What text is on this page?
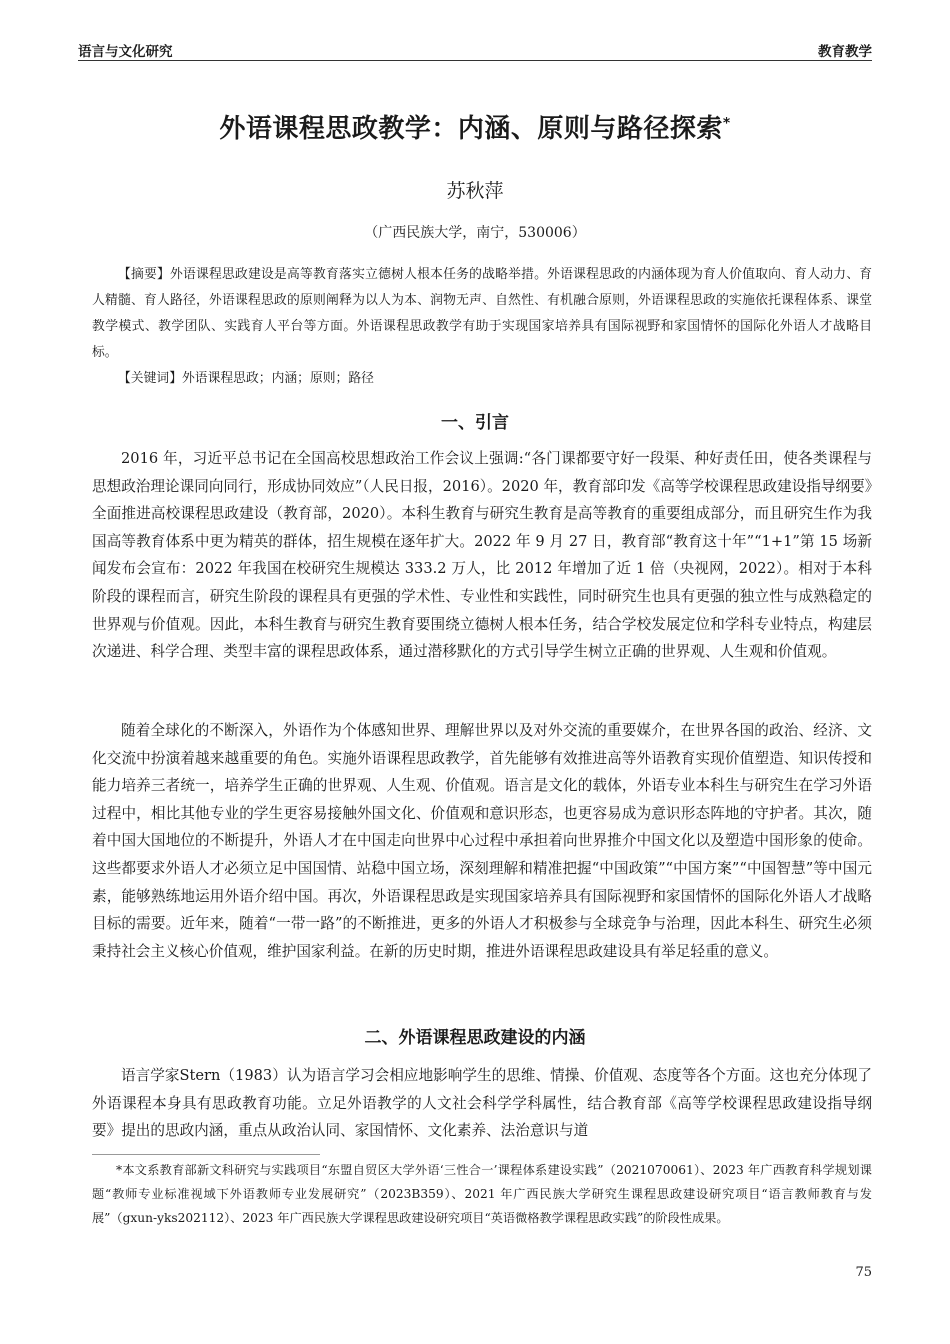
语言与文化研究	教育教学
外语课程思政教学：内涵、原则与路径探索*
苏秋萍
（广西民族大学，南宁，530006）
【摘要】外语课程思政建设是高等教育落实立德树人根本任务的战略举措。外语课程思政的内涵体现为育人价值取向、育人动力、育人精髓、育人路径，外语课程思政的原则阐释为以人为本、润物无声、自然性、有机融合原则，外语课程思政的实施依托课程体系、课堂教学模式、教学团队、实践育人平台等方面。外语课程思政教学有助于实现国家培养具有国际视野和家国情怀的国际化外语人才战略目标。
【关键词】外语课程思政；内涵；原则；路径
一、引言
2016 年，习近平总书记在全国高校思想政治工作会议上强调:“各门课都要守好一段渠、种好责任田，使各类课程与思想政治理论课同向同行，形成协同效应”（人民日报，2016）。2020 年，教育部印发《高等学校课程思政建设指导纲要》全面推进高校课程思政建设（教育部，2020）。本科生教育与研究生教育是高等教育的重要组成部分，而且研究生作为我国高等教育体系中更为精英的群体，招生规模在逐年扩大。2022 年 9 月 27 日，教育部“教育这十年”“1+1”第 15 场新闻发布会宣布：2022 年我国在校研究生规模达 333.2 万人，比 2012 年增加了近 1 倍（央视网，2022）。相对于本科阶段的课程而言，研究生阶段的课程具有更强的学术性、专业性和实践性，同时研究生也具有更强的独立性与成熟稳定的世界观与价值观。因此，本科生教育与研究生教育要围绕立德树人根本任务，结合学校发展定位和学科专业特点，构建层次递进、科学合理、类型丰富的课程思政体系，通过潜移默化的方式引导学生树立正确的世界观、人生观和价值观。
随着全球化的不断深入，外语作为个体感知世界、理解世界以及对外交流的重要媒介，在世界各国的政治、经济、文化交流中扮演着越来越重要的角色。实施外语课程思政教学，首先能够有效推进高等外语教育实现价值塑造、知识传授和能力培养三者统一，培养学生正确的世界观、人生观、价值观。语言是文化的载体，外语专业本科生与研究生在学习外语过程中，相比其他专业的学生更容易接触外国文化、价值观和意识形态，也更容易成为意识形态阵地的守护者。其次，随着中国大国地位的不断提升，外语人才在中国走向世界中心过程中承担着向世界推介中国文化以及塑造中国形象的使命。这些都要求外语人才必须立足中国国情、站稳中国立场，深刻理解和精准把握“中国政策”“中国方案”“中国智慧”等中国元素，能够熟练地运用外语介绍中国。再次，外语课程思政是实现国家培养具有国际视野和家国情怀的国际化外语人才战略目标的需要。近年来，随着“一带一路”的不断推进，更多的外语人才积极参与全球竞争与治理，因此本科生、研究生必须秉持社会主义核心价值观，维护国家利益。在新的历史时期，推进外语课程思政建设具有举足轻重的意义。
二、外语课程思政建设的内涵
语言学家Stern（1983）认为语言学习会相应地影响学生的思维、情操、价值观、态度等各个方面。这也充分体现了外语课程本身具有思政教育功能。立足外语教学的人文社会科学学科属性，结合教育部《高等学校课程思政建设指导纲要》提出的思政内涵，重点从政治认同、家国情怀、文化素养、法治意识与道
*本文系教育部新文科研究与实践项目“东盟自贸区大学外语‘三性合一’课程体系建设实践”（2021070061）、2023 年广西教育科学规划课题“教师专业标准视域下外语教师专业发展研究”（2023B359）、2021 年广西民族大学研究生课程思政建设研究项目“语言教师教育与发展”（gxun-yks202112）、2023 年广西民族大学课程思政建设研究项目“英语微格教学课程思政实践”的阶段性成果。
75
